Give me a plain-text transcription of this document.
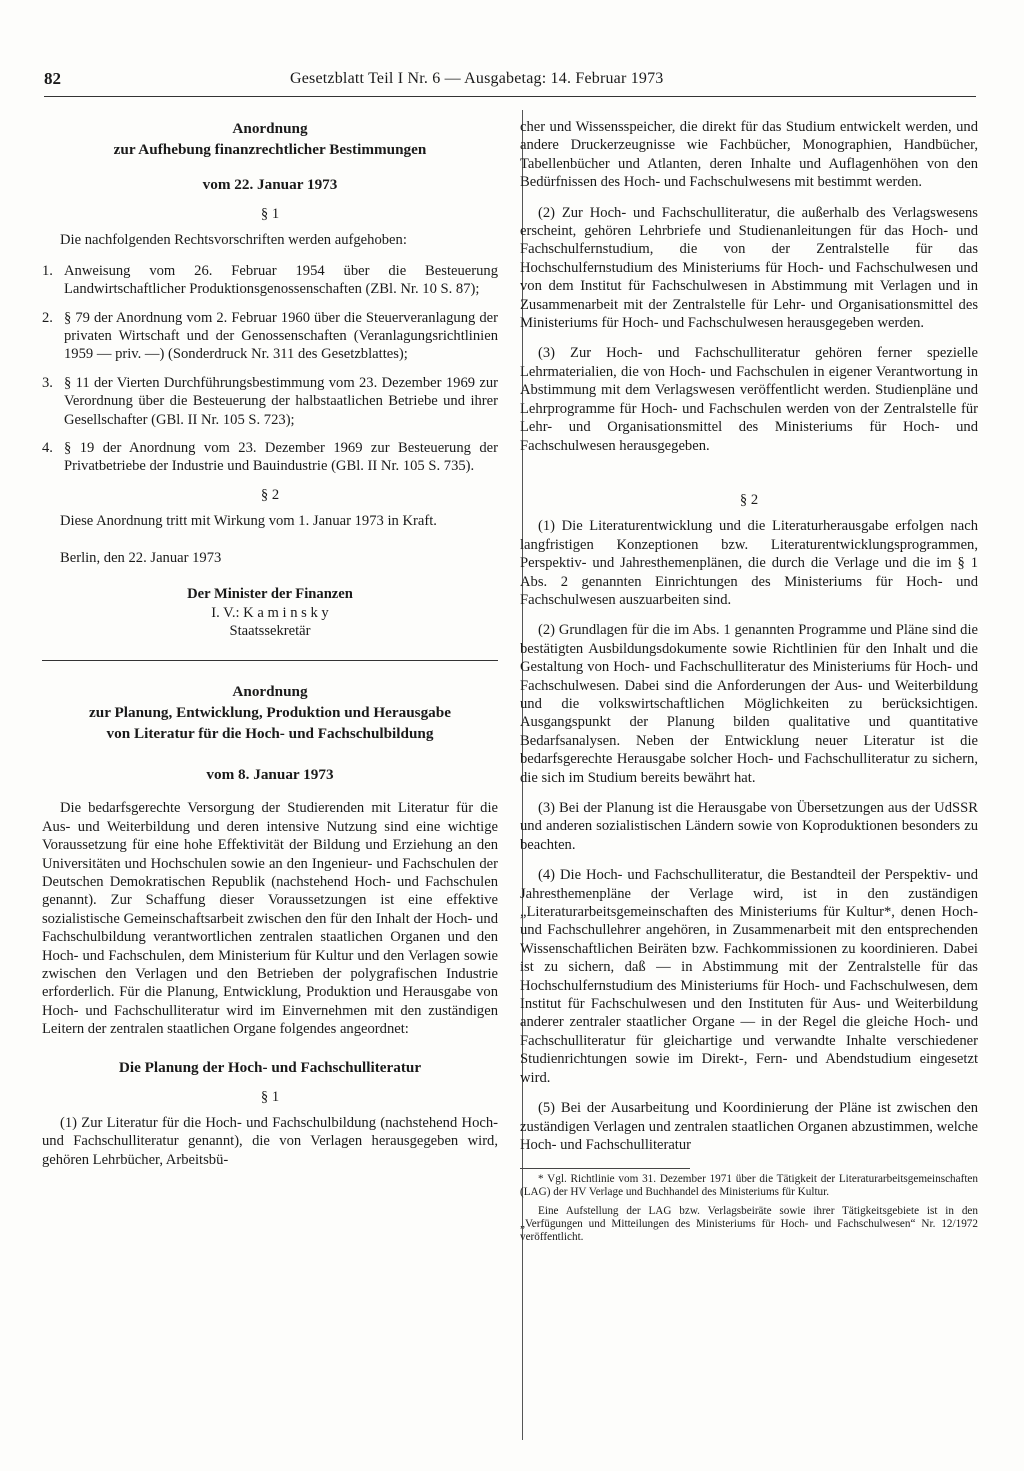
82	Gesetzblatt Teil I Nr. 6 — Ausgabetag: 14. Februar 1973

Anordnung

zur Aufhebung finanzrechtlicher Bestimmungen

vom 22. Januar 1973

§ 1

Die nachfolgenden Rechtsvorschriften werden aufgehoben:

1. Anweisung vom 26. Februar 1954 über die Besteuerung Landwirtschaftlicher Produktionsgenossenschaften (ZBl. Nr. 10 S. 87);
2. § 79 der Anordnung vom 2. Februar 1960 über die Steuerveranlagung der privaten Wirtschaft und der Genossenschaften (Veranlagungsrichtlinien 1959 — priv. —) (Sonderdruck Nr. 311 des Gesetzblattes);
3. § 11 der Vierten Durchführungsbestimmung vom 23. Dezember 1969 zur Verordnung über die Besteuerung der halbstaatlichen Betriebe und ihrer Gesellschafter (GBl. II Nr. 105 S. 723);
4. § 19 der Anordnung vom 23. Dezember 1969 zur Besteuerung der Privatbetriebe der Industrie und Bauindustrie (GBl. II Nr. 105 S. 735).

§ 2

Diese Anordnung tritt mit Wirkung vom 1. Januar 1973 in Kraft.

Berlin, den 22. Januar 1973

Der Minister der Finanzen

I. V.: K a m i n s k y

Staatssekretär

Anordnung

zur Planung, Entwicklung, Produktion und Herausgabe

von Literatur für die Hoch- und Fachschulbildung

vom 8. Januar 1973

Die bedarfsgerechte Versorgung der Studierenden mit Literatur für die Aus- und Weiterbildung und deren intensive Nutzung sind eine wichtige Voraussetzung für eine hohe Effektivität der Bildung und Erziehung an den Universitäten und Hochschulen sowie an den Ingenieur- und Fachschulen der Deutschen Demokratischen Republik (nachstehend Hoch- und Fachschulen genannt). Zur Schaffung dieser Voraussetzungen ist eine effektive sozialistische Gemeinschaftsarbeit zwischen den für den Inhalt der Hoch- und Fachschulbildung verantwortlichen zentralen staatlichen Organen und den Hoch- und Fachschulen, dem Ministerium für Kultur und den Verlagen sowie zwischen den Verlagen und den Betrieben der polygrafischen Industrie erforderlich. Für die Planung, Entwicklung, Produktion und Herausgabe von Hoch- und Fachschulliteratur wird im Einvernehmen mit den zuständigen Leitern der zentralen staatlichen Organe folgendes angeordnet:

Die Planung der Hoch- und Fachschulliteratur

§ 1

(1) Zur Literatur für die Hoch- und Fachschulbildung (nachstehend Hoch- und Fachschulliteratur genannt), die von Verlagen herausgegeben wird, gehören Lehrbücher, Arbeitsbü-

cher und Wissensspeicher, die direkt für das Studium entwickelt werden, und andere Druckerzeugnisse wie Fachbücher, Monographien, Handbücher, Tabellenbücher und Atlanten, deren Inhalte und Auflagenhöhen von den Bedürfnissen des Hoch- und Fachschulwesens mit bestimmt werden.

(2) Zur Hoch- und Fachschulliteratur, die außerhalb des Verlagswesens erscheint, gehören Lehrbriefe und Studienanleitungen für das Hoch- und Fachschulfernstudium, die von der Zentralstelle für das Hochschulfernstudium des Ministeriums für Hoch- und Fachschulwesen und von dem Institut für Fachschulwesen in Abstimmung mit Verlagen und in Zusammenarbeit mit der Zentralstelle für Lehr- und Organisationsmittel des Ministeriums für Hoch- und Fachschulwesen herausgegeben werden.

(3) Zur Hoch- und Fachschulliteratur gehören ferner spezielle Lehrmaterialien, die von Hoch- und Fachschulen in eigener Verantwortung in Abstimmung mit dem Verlagswesen veröffentlicht werden. Studienpläne und Lehrprogramme für Hoch- und Fachschulen werden von der Zentralstelle für Lehr- und Organisationsmittel des Ministeriums für Hoch- und Fachschulwesen herausgegeben.

§ 2

(1) Die Literaturentwicklung und die Literaturherausgabe erfolgen nach langfristigen Konzeptionen bzw. Literaturentwicklungsprogrammen, Perspektiv- und Jahresthemenplänen, die durch die Verlage und die im § 1 Abs. 2 genannten Einrichtungen des Ministeriums für Hoch- und Fachschulwesen auszuarbeiten sind.

(2) Grundlagen für die im Abs. 1 genannten Programme und Pläne sind die bestätigten Ausbildungsdokumente sowie Richtlinien für den Inhalt und die Gestaltung von Hoch- und Fachschulliteratur des Ministeriums für Hoch- und Fachschulwesen. Dabei sind die Anforderungen der Aus- und Weiterbildung und die volkswirtschaftlichen Möglichkeiten zu berücksichtigen. Ausgangspunkt der Planung bilden qualitative und quantitative Bedarfsanalysen. Neben der Entwicklung neuer Literatur ist die bedarfsgerechte Herausgabe solcher Hoch- und Fachschulliteratur zu sichern, die sich im Studium bereits bewährt hat.

(3) Bei der Planung ist die Herausgabe von Übersetzungen aus der UdSSR und anderen sozialistischen Ländern sowie von Koproduktionen besonders zu beachten.

(4) Die Hoch- und Fachschulliteratur, die Bestandteil der Perspektiv- und Jahresthemenpläne der Verlage wird, ist in den zuständigen „Literaturarbeitsgemeinschaften des Ministeriums für Kultur*, denen Hoch- und Fachschullehrer angehören, in Zusammenarbeit mit den entsprechenden Wissenschaftlichen Beiräten bzw. Fachkommissionen zu koordinieren. Dabei ist zu sichern, daß — in Abstimmung mit der Zentralstelle für das Hochschulfernstudium des Ministeriums für Hoch- und Fachschulwesen, dem Institut für Fachschulwesen und den Instituten für Aus- und Weiterbildung anderer zentraler staatlicher Organe — in der Regel die gleiche Hoch- und Fachschulliteratur für gleichartige und verwandte Inhalte verschiedener Studienrichtungen sowie im Direkt-, Fern- und Abendstudium eingesetzt wird.

(5) Bei der Ausarbeitung und Koordinierung der Pläne ist zwischen den zuständigen Verlagen und zentralen staatlichen Organen abzustimmen, welche Hoch- und Fachschulliteratur

* Vgl. Richtlinie vom 31. Dezember 1971 über die Tätigkeit der Literaturarbeitsgemeinschaften (LAG) der HV Verlage und Buchhandel des Ministeriums für Kultur.

Eine Aufstellung der LAG bzw. Verlagsbeiräte sowie ihrer Tätigkeitsgebiete ist in den „Verfügungen und Mitteilungen des Ministeriums für Hoch- und Fachschulwesen“ Nr. 12/1972 veröffentlicht.
